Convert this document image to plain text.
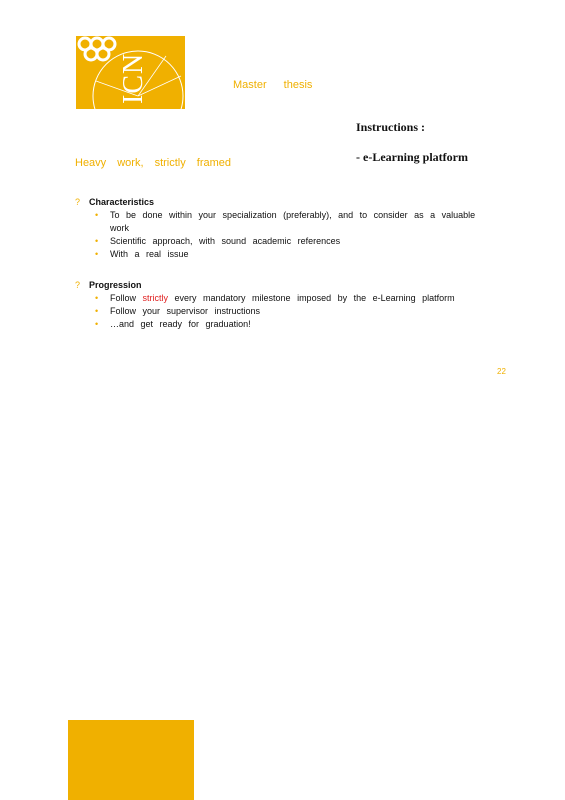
ICN	Master thesis
Instructions :
- e-Learning platform
Heavy work, strictly framed
? Characteristics
• To be done within your specialization (preferably), and to consider as a valuable work
• Scientific approach, with sound academic references
• With a real issue
? Progression
• Follow strictly every mandatory milestone imposed by the e-Learning platform
• Follow your supervisor instructions
• …and get ready for graduation!
22
